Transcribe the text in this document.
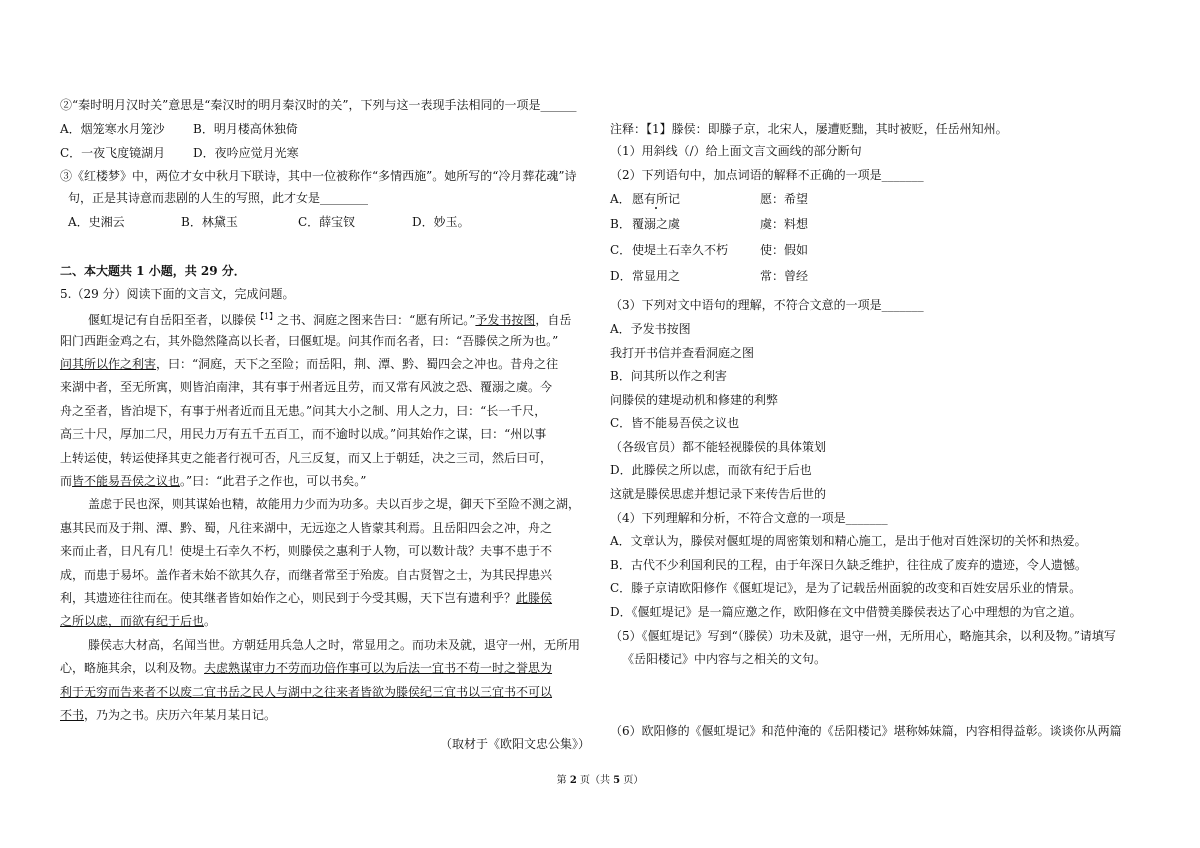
②“秦时明月汉时关”意思是“秦汉时的明月秦汉时的关”，下列与这一表现手法相同的一项是______
A．烟笼寒水月笼沙 B．明月楼高休独倚
C．一夜飞度镜湖月 D．夜吟应觉月光寒
③《红楼梦》中，两位才女中秋月下联诗，其中一位被称作“多情西施”。她所写的“冷月葬花魂”诗
句，正是其诗意而悲剧的人生的写照，此才女是________
A．史湘云	B．林黛玉	C．薛宝钗	D．妙玉。
二、本大题共 1 小题，共 29 分．
5.（29 分）阅读下面的文言文，完成问题。
偃虹堤记有自岳阳至者，以滕侯$^{【1】}$之书、洞庭之图来告曰：“愿有所记。”予发书按图，自岳
阳门西距金鸡之右，其外隐然隆高以长者，曰偃虹堤。问其作而名者，曰：“吾滕侯之所为也。”
问其所以作之利害，曰：“洞庭，天下之至险；而岳阳，荆、潭、黔、蜀四会之冲也。昔舟之往
来湖中者，至无所寓，则皆泊南津，其有事于州者远且劳，而又常有风波之恐、覆溺之虞。今
舟之至者，皆泊堤下，有事于州者近而且无患。”问其大小之制、用人之力，曰：“长一千尺，
高三十尺，厚加二尺，用民力万有五千五百工，而不逾时以成。”问其始作之谋，曰：“州以事
上转运使，转运使择其吏之能者行视可否，凡三反复，而又上于朝廷，决之三司，然后曰可，
而皆不能易吾侯之议也。”曰：“此君子之作也，可以书矣。”
盖虑于民也深，则其谋始也精，故能用力少而为功多。夫以百步之堤，御天下至险不测之湖，
惠其民而及于荆、潭、黔、蜀，凡往来湖中，无远迩之人皆蒙其利焉。且岳阳四会之冲，舟之
来而止者，日凡有几！使堤土石幸久不朽，则滕侯之惠利于人物，可以数计哉？夫事不患于不
成，而患于易坏。盖作者未始不欲其久存，而继者常至于殆废。自古贤智之士，为其民捍患兴
利，其遗迹往往而在。使其继者皆如始作之心，则民到于今受其赐，天下岂有遗利乎？此滕侯
之所以虑，而欲有纪于后也。
滕侯志大材高，名闻当世。方朝廷用兵急人之时，常显用之。而功未及就，退守一州，无所用
心，略施其余，以利及物。夫虑熟谋审力不劳而功倍作事可以为后法一宜书不苟一时之誉思为
利于无穷而告来者不以废二宜书岳之民人与湖中之往来者皆欲为滕侯纪三宜书以三宜书不可以
不书，乃为之书。庆历六年某月某日记。
（取材于《欧阳文忠公集》）
注释：【1】滕侯：即滕子京，北宋人，屡遭贬黜，其时被贬，任岳州知州。
（1）用斜线（/）给上面文言文画线的部分断句
（2）下列语句中，加点词语的解释不正确的一项是_______
A． 愿有所记	愿：希望
B． 覆溺之虞	虞：料想
C． 使堤土石幸久不朽	使：假如
D． 常显用之	常：曾经
（3）下列对文中语句的理解，不符合文意的一项是_______
A．予发书按图
我打开书信并查看洞庭之图
B．问其所以作之利害
问滕侯的建堤动机和修建的利弊
C．皆不能易吾侯之议也
（各级官员）都不能轻视滕侯的具体策划
D．此滕侯之所以虑，而欲有纪于后也
这就是滕侯思虑并想记录下来传告后世的
（4）下列理解和分析，不符合文意的一项是_______
A．文章认为，滕侯对偃虹堤的周密策划和精心施工，是出于他对百姓深切的关怀和热爱。
B．古代不少利国利民的工程，由于年深日久缺乏维护，往往成了废弃的遗迹，令人遗憾。
C．滕子京请欧阳修作《偃虹堤记》，是为了记载岳州面貌的改变和百姓安居乐业的情景。
D．《偃虹堤记》是一篇应邀之作，欧阳修在文中借赞美滕侯表达了心中理想的为官之道。
（5）《偃虹堤记》写到“（滕侯）功未及就，退守一州，无所用心，略施其余，以利及物。”请填写
《岳阳楼记》中内容与之相关的文句。
（6）欧阳修的《偃虹堤记》和范仲淹的《岳阳楼记》堪称姊妹篇，内容相得益彰。谈谈你从两篇
第 2 页（共 5 页）
